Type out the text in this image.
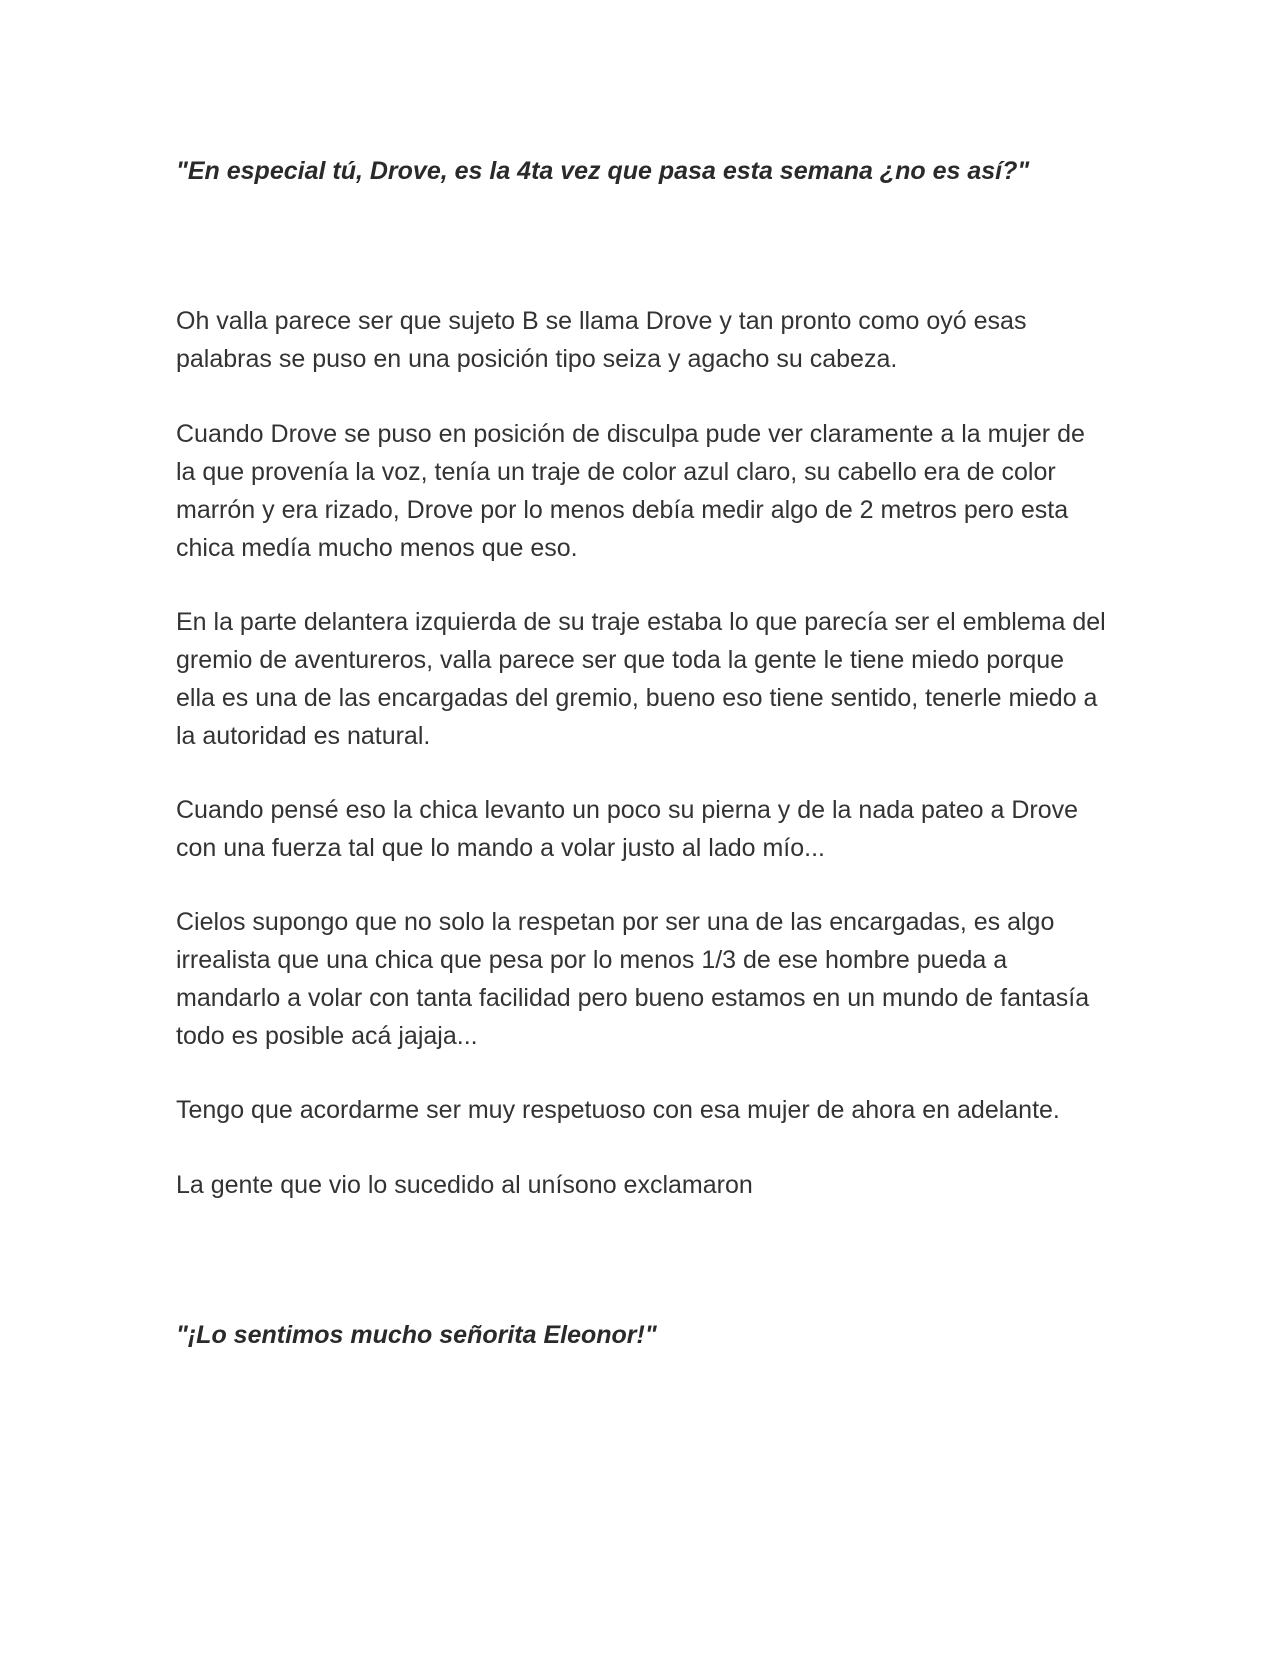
"En especial tú, Drove, es la 4ta vez que pasa esta semana ¿no es así?"

Oh valla parece ser que sujeto B se llama Drove y tan pronto como oyó esas palabras se puso en una posición tipo seiza y agacho su cabeza.

Cuando Drove se puso en posición de disculpa pude ver claramente a la mujer de la que provenía la voz, tenía un traje de color azul claro, su cabello era de color marrón y era rizado, Drove por lo menos debía medir algo de 2 metros pero esta chica medía mucho menos que eso.

En la parte delantera izquierda de su traje estaba lo que parecía ser el emblema del gremio de aventureros, valla parece ser que toda la gente le tiene miedo porque ella es una de las encargadas del gremio, bueno eso tiene sentido, tenerle miedo a la autoridad es natural.

Cuando pensé eso la chica levanto un poco su pierna y de la nada pateo a Drove con una fuerza tal que lo mando a volar justo al lado mío...

Cielos supongo que no solo la respetan por ser una de las encargadas, es algo irrealista que una chica que pesa por lo menos 1/3 de ese hombre pueda a mandarlo a volar con tanta facilidad pero bueno estamos en un mundo de fantasía todo es posible acá jajaja...

Tengo que acordarme ser muy respetuoso con esa mujer de ahora en adelante.

La gente que vio lo sucedido al unísono exclamaron

"¡Lo sentimos mucho señorita Eleonor!"
